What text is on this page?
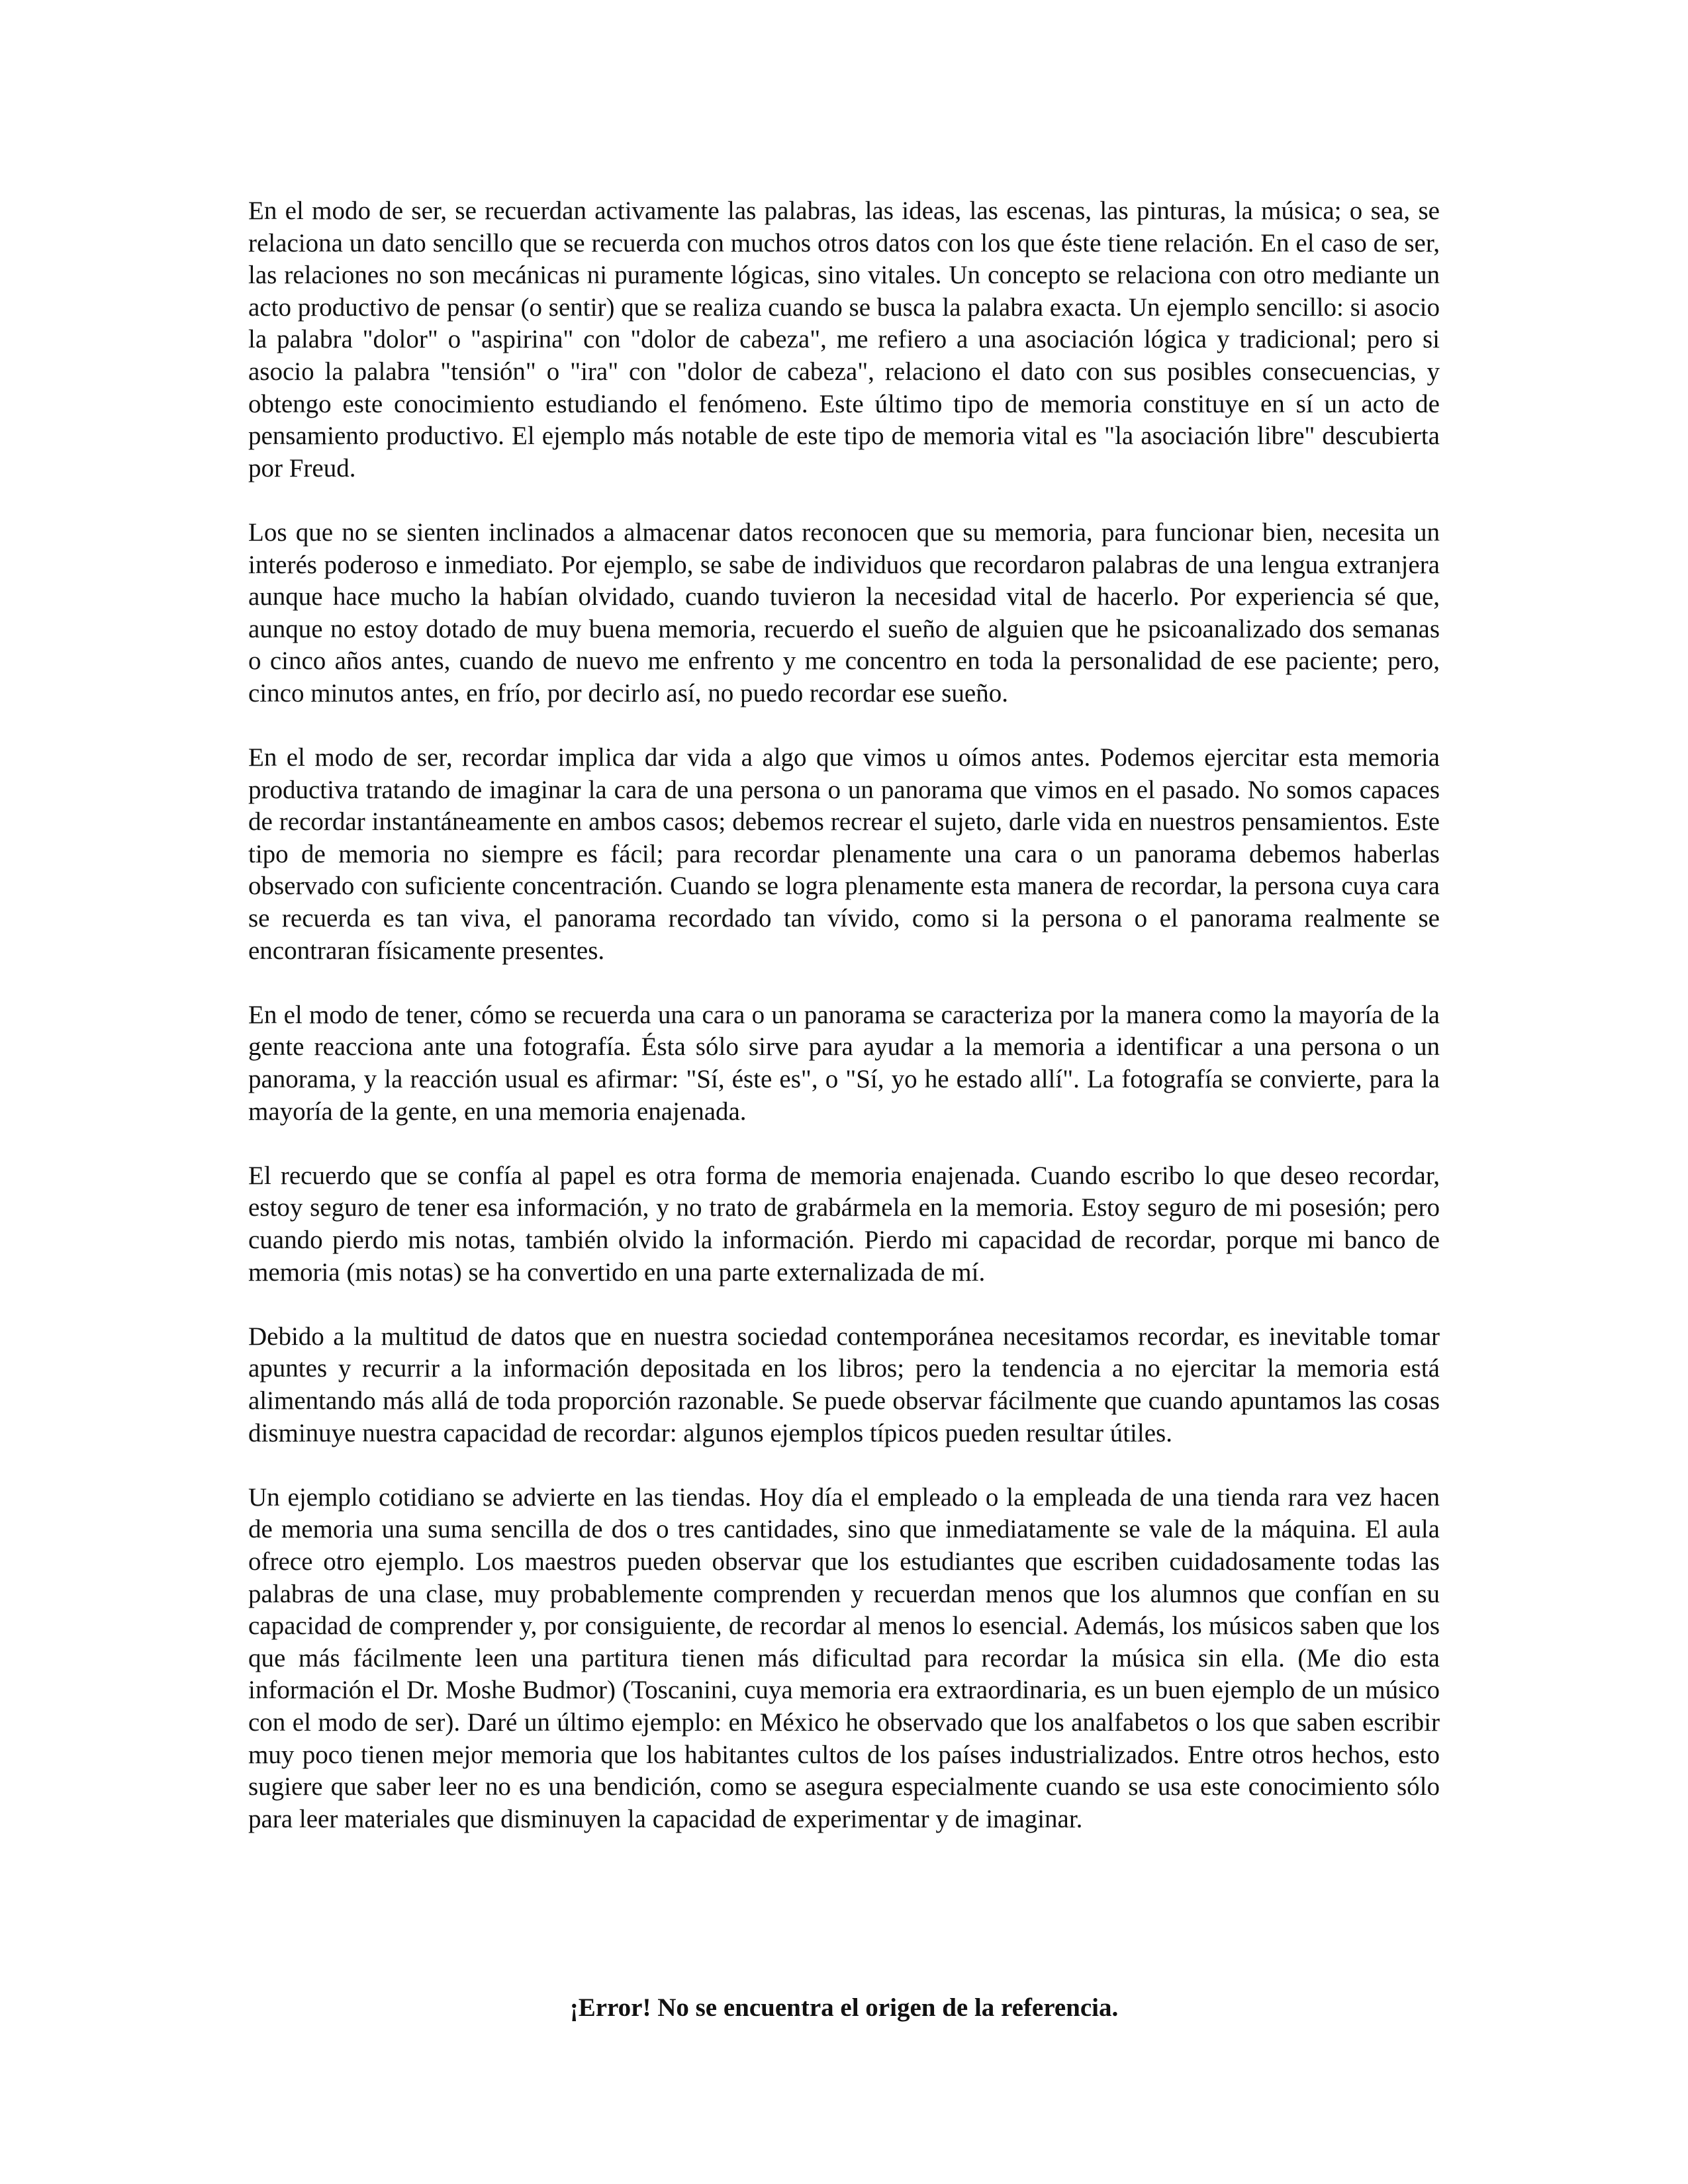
En el modo de ser, se recuerdan activamente las palabras, las ideas, las escenas, las pinturas, la música; o sea, se relaciona un dato sencillo que se recuerda con muchos otros datos con los que éste tiene relación. En el caso de ser, las relaciones no son mecánicas ni puramente lógicas, sino vitales. Un concepto se relaciona con otro mediante un acto productivo de pensar (o sentir) que se realiza cuando se busca la palabra exacta. Un ejemplo sencillo: si asocio la palabra "dolor" o "aspirina" con "dolor de cabeza", me refiero a una asociación lógica y tradicional; pero si asocio la palabra "tensión" o "ira" con "dolor de cabeza", relaciono el dato con sus posibles consecuencias, y obtengo este conocimiento estudiando el fenómeno. Este último tipo de memoria constituye en sí un acto de pensamiento productivo. El ejemplo más notable de este tipo de memoria vital es "la asociación libre" descubierta por Freud.

Los que no se sienten inclinados a almacenar datos reconocen que su memoria, para funcionar bien, necesita un interés poderoso e inmediato. Por ejemplo, se sabe de individuos que recordaron palabras de una lengua extranjera aunque hace mucho la habían olvidado, cuando tuvieron la necesidad vital de hacerlo. Por experiencia sé que, aunque no estoy dotado de muy buena memoria, recuerdo el sueño de alguien que he psicoanalizado dos semanas o cinco años antes, cuando de nuevo me enfrento y me concentro en toda la personalidad de ese paciente; pero, cinco minutos antes, en frío, por decirlo así, no puedo recordar ese sueño.

En el modo de ser, recordar implica dar vida a algo que vimos u oímos antes. Podemos ejercitar esta memoria productiva tratando de imaginar la cara de una persona o un panorama que vimos en el pasado. No somos capaces de recordar instantáneamente en ambos casos; debemos recrear el sujeto, darle vida en nuestros pensamientos. Este tipo de memoria no siempre es fácil; para recordar plenamente una cara o un panorama debemos haberlas observado con suficiente concentración. Cuando se logra plenamente esta manera de recordar, la persona cuya cara se recuerda es tan viva, el panorama recordado tan vívido, como si la persona o el panorama realmente se encontraran físicamente presentes.

En el modo de tener, cómo se recuerda una cara o un panorama se caracteriza por la manera como la mayoría de la gente reacciona ante una fotografía. Ésta sólo sirve para ayudar a la memoria a identificar a una persona o un panorama, y la reacción usual es afirmar: "Sí, éste es", o "Sí, yo he estado allí". La fotografía se convierte, para la mayoría de la gente, en una memoria enajenada.

El recuerdo que se confía al papel es otra forma de memoria enajenada. Cuando escribo lo que deseo recordar, estoy seguro de tener esa información, y no trato de grabármela en la memoria. Estoy seguro de mi posesión; pero cuando pierdo mis notas, también olvido la información. Pierdo mi capacidad de recordar, porque mi banco de memoria (mis notas) se ha convertido en una parte externalizada de mí.

Debido a la multitud de datos que en nuestra sociedad contemporánea necesitamos recordar, es inevitable tomar apuntes y recurrir a la información depositada en los libros; pero la tendencia a no ejercitar la memoria está alimentando más allá de toda proporción razonable. Se puede observar fácilmente que cuando apuntamos las cosas disminuye nuestra capacidad de recordar: algunos ejemplos típicos pueden resultar útiles.

Un ejemplo cotidiano se advierte en las tiendas. Hoy día el empleado o la empleada de una tienda rara vez hacen de memoria una suma sencilla de dos o tres cantidades, sino que inmediatamente se vale de la máquina. El aula ofrece otro ejemplo. Los maestros pueden observar que los estudiantes que escriben cuidadosamente todas las palabras de una clase, muy probablemente comprenden y recuerdan menos que los alumnos que confían en su capacidad de comprender y, por consiguiente, de recordar al menos lo esencial. Además, los músicos saben que los que más fácilmente leen una partitura tienen más dificultad para recordar la música sin ella. (Me dio esta información el Dr. Moshe Budmor) (Toscanini, cuya memoria era extraordinaria, es un buen ejemplo de un músico con el modo de ser). Daré un último ejemplo: en México he observado que los analfabetos o los que saben escribir muy poco tienen mejor memoria que los habitantes cultos de los países industrializados. Entre otros hechos, esto sugiere que saber leer no es una bendición, como se asegura especialmente cuando se usa este conocimiento sólo para leer materiales que disminuyen la capacidad de experimentar y de imaginar.

¡Error! No se encuentra el origen de la referencia.
